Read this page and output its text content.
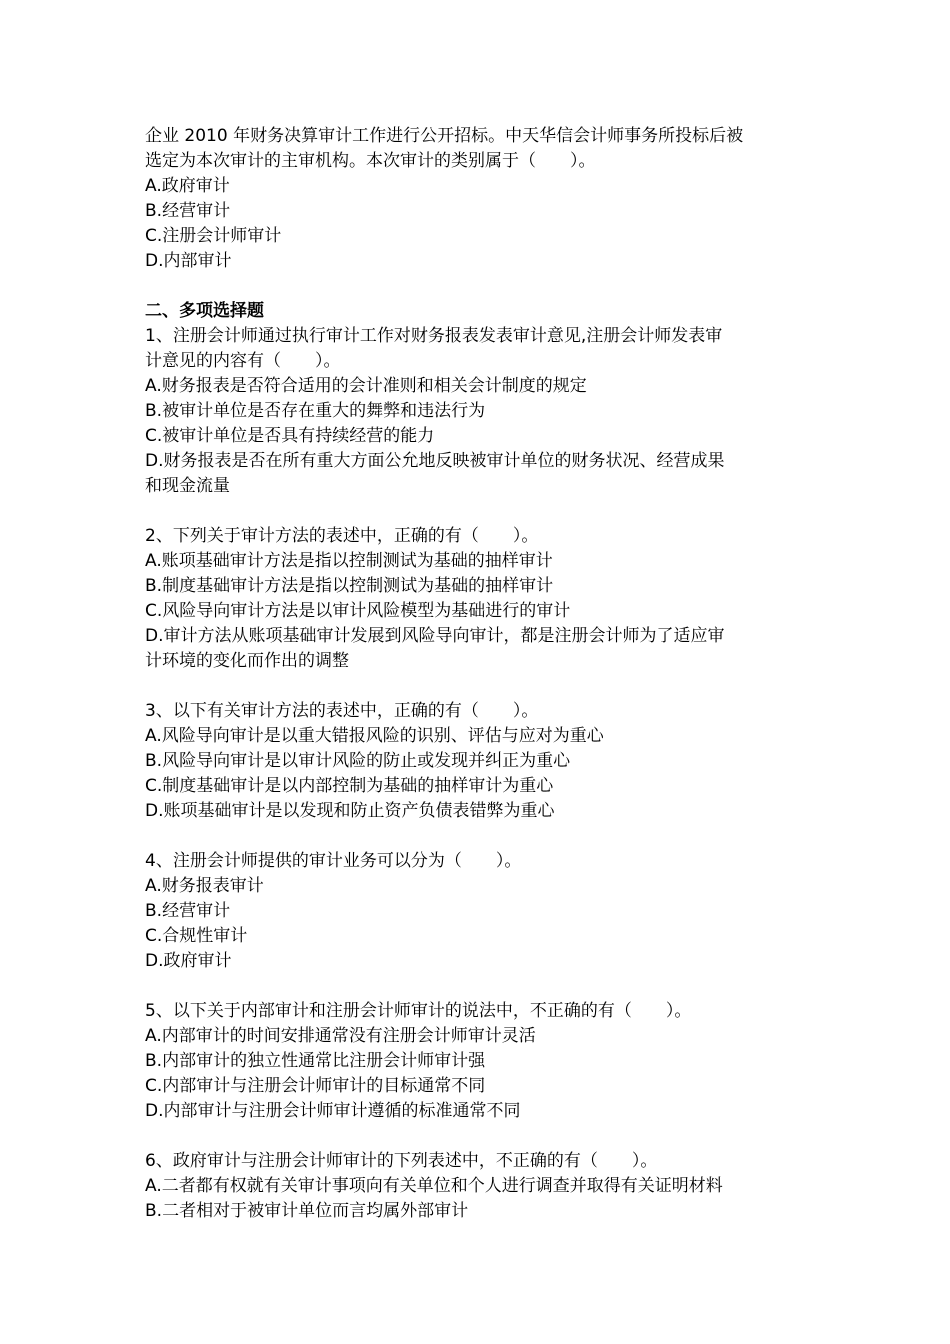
企业 2010 年财务决算审计工作进行公开招标。中天华信会计师事务所投标后被
选定为本次审计的主审机构。本次审计的类别属于（　　）。
A.政府审计
B.经营审计
C.注册会计师审计
D.内部审计
二、多项选择题
1、注册会计师通过执行审计工作对财务报表发表审计意见,注册会计师发表审
计意见的内容有（　　）。
A.财务报表是否符合适用的会计准则和相关会计制度的规定
B.被审计单位是否存在重大的舞弊和违法行为
C.被审计单位是否具有持续经营的能力
D.财务报表是否在所有重大方面公允地反映被审计单位的财务状况、经营成果
和现金流量
2、下列关于审计方法的表述中，正确的有（　　）。
A.账项基础审计方法是指以控制测试为基础的抽样审计
B.制度基础审计方法是指以控制测试为基础的抽样审计
C.风险导向审计方法是以审计风险模型为基础进行的审计
D.审计方法从账项基础审计发展到风险导向审计，都是注册会计师为了适应审
计环境的变化而作出的调整
3、以下有关审计方法的表述中，正确的有（　　）。
A.风险导向审计是以重大错报风险的识别、评估与应对为重心
B.风险导向审计是以审计风险的防止或发现并纠正为重心
C.制度基础审计是以内部控制为基础的抽样审计为重心
D.账项基础审计是以发现和防止资产负债表错弊为重心
4、注册会计师提供的审计业务可以分为（　　）。
A.财务报表审计
B.经营审计
C.合规性审计
D.政府审计
5、以下关于内部审计和注册会计师审计的说法中，不正确的有（　　）。
A.内部审计的时间安排通常没有注册会计师审计灵活
B.内部审计的独立性通常比注册会计师审计强
C.内部审计与注册会计师审计的目标通常不同
D.内部审计与注册会计师审计遵循的标准通常不同
6、政府审计与注册会计师审计的下列表述中，不正确的有（　　）。
A.二者都有权就有关审计事项向有关单位和个人进行调查并取得有关证明材料
B.二者相对于被审计单位而言均属外部审计
